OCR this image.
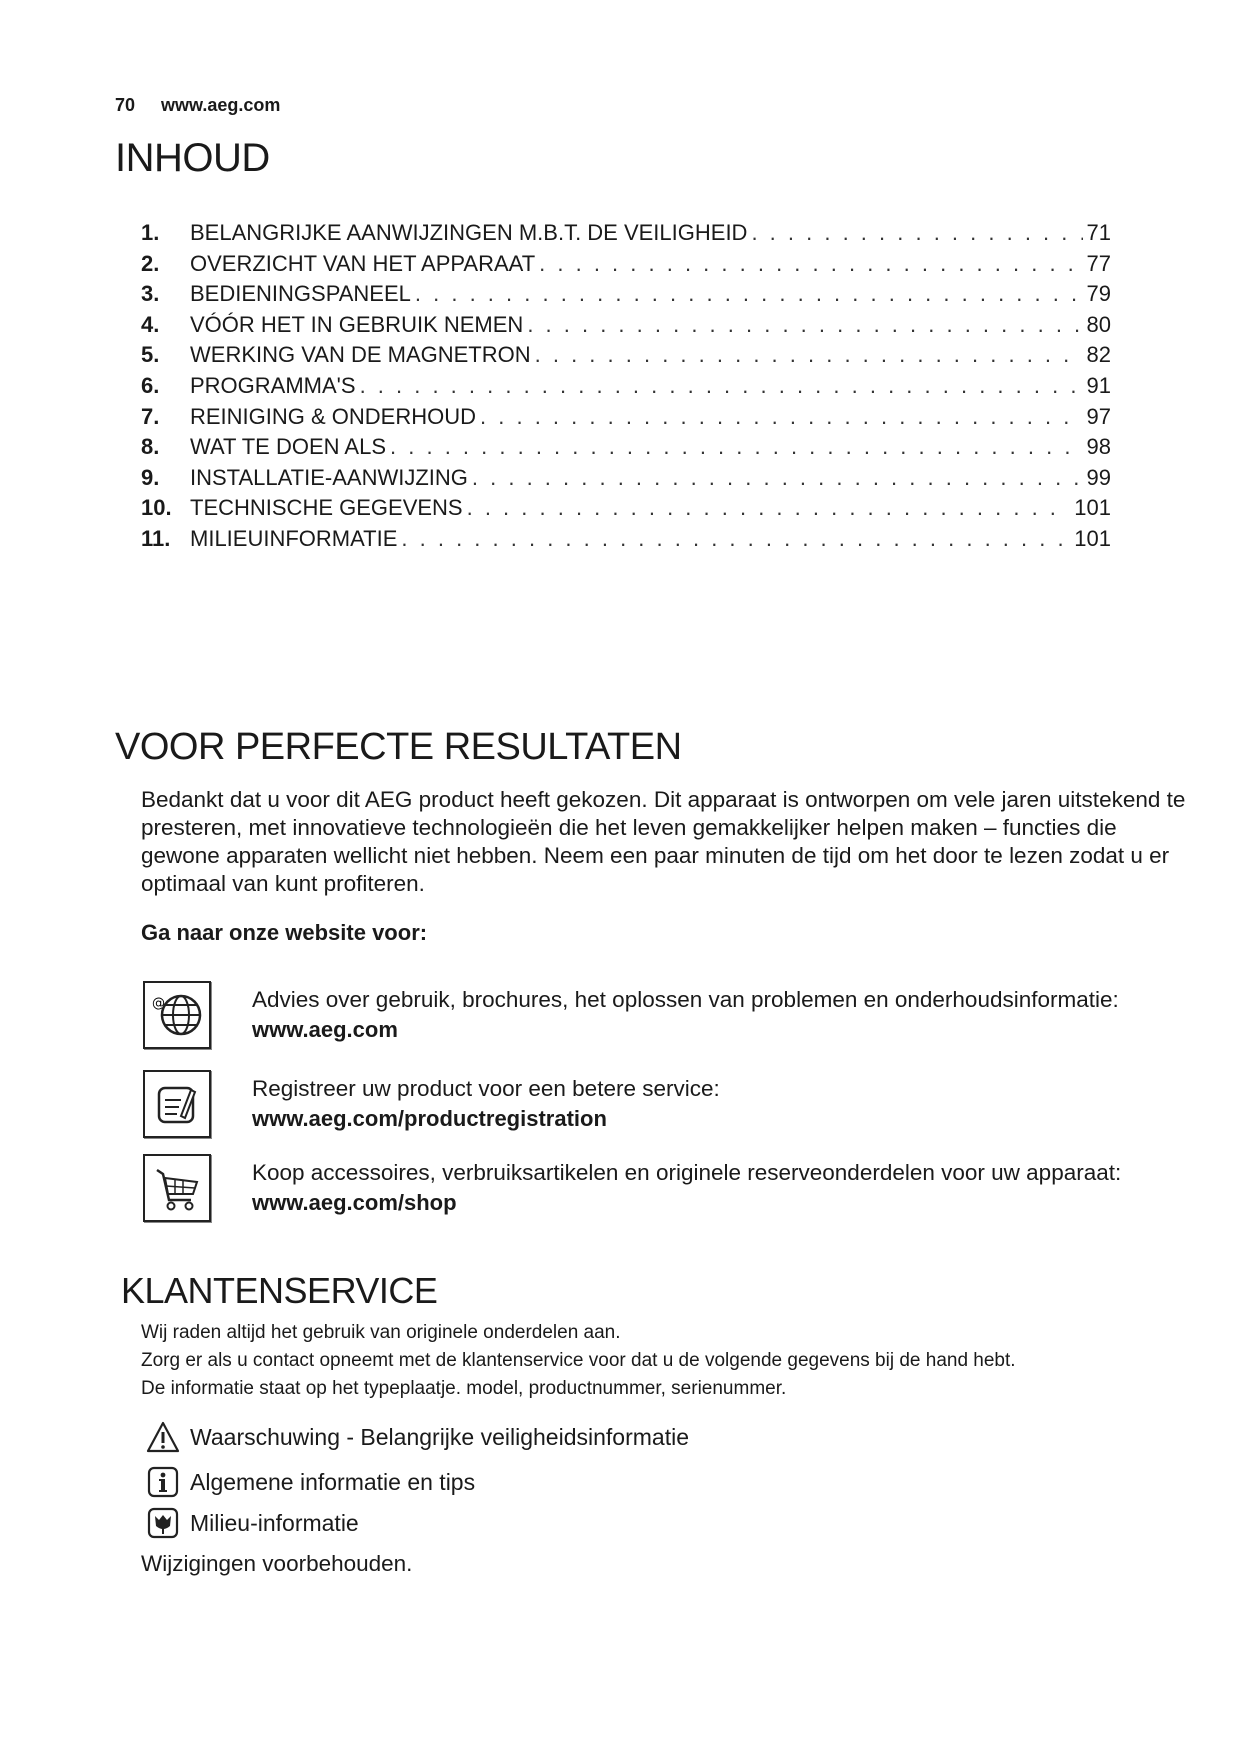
70 www.aeg.com
INHOUD
1.	BELANGRIJKE AANWIJZINGEN M.B.T. DE VEILIGHEID . . .	71
2.	OVERZICHT VAN HET APPARAAT . . .	77
3.	BEDIENINGSPANEEL . . .	79
4.	VÓÓR HET IN GEBRUIK NEMEN . . .	80
5.	WERKING VAN DE MAGNETRON . . .	82
6.	PROGRAMMA'S . . .	91
7.	REINIGING & ONDERHOUD . . .	97
8.	WAT TE DOEN ALS . . .	98
9.	INSTALLATIE-AANWIJZING . . .	99
10. TECHNISCHE GEGEVENS . . .	101
11. MILIEUINFORMATIE . . .	101
VOOR PERFECTE RESULTATEN

Bedankt dat u voor dit AEG product heeft gekozen. Dit apparaat is ontworpen om vele jaren uitstekend te presteren, met innovatieve technologieën die het leven gemakkelijker helpen maken – functies die gewone apparaten wellicht niet hebben. Neem een paar minuten de tijd om het door te lezen zodat u er optimaal van kunt profiteren.

Ga naar onze website voor:
@	Advies over gebruik, brochures, het oplossen van problemen en onderhoudsinformatie:
www.aeg.com
Registreer uw product voor een betere service:
www.aeg.com/productregistration
Koop accessoires, verbruiksartikelen en originele reserveonderdelen voor uw apparaat:
www.aeg.com/shop
KLANTENSERVICE
Wij raden altijd het gebruik van originele onderdelen aan.
Zorg er als u contact opneemt met de klantenservice voor dat u de volgende gegevens bij de hand hebt.
De informatie staat op het typeplaatje. model, productnummer, serienummer.
Waarschuwing - Belangrijke veiligheidsinformatie
Algemene informatie en tips
Milieu-informatie
Wijzigingen voorbehouden.
